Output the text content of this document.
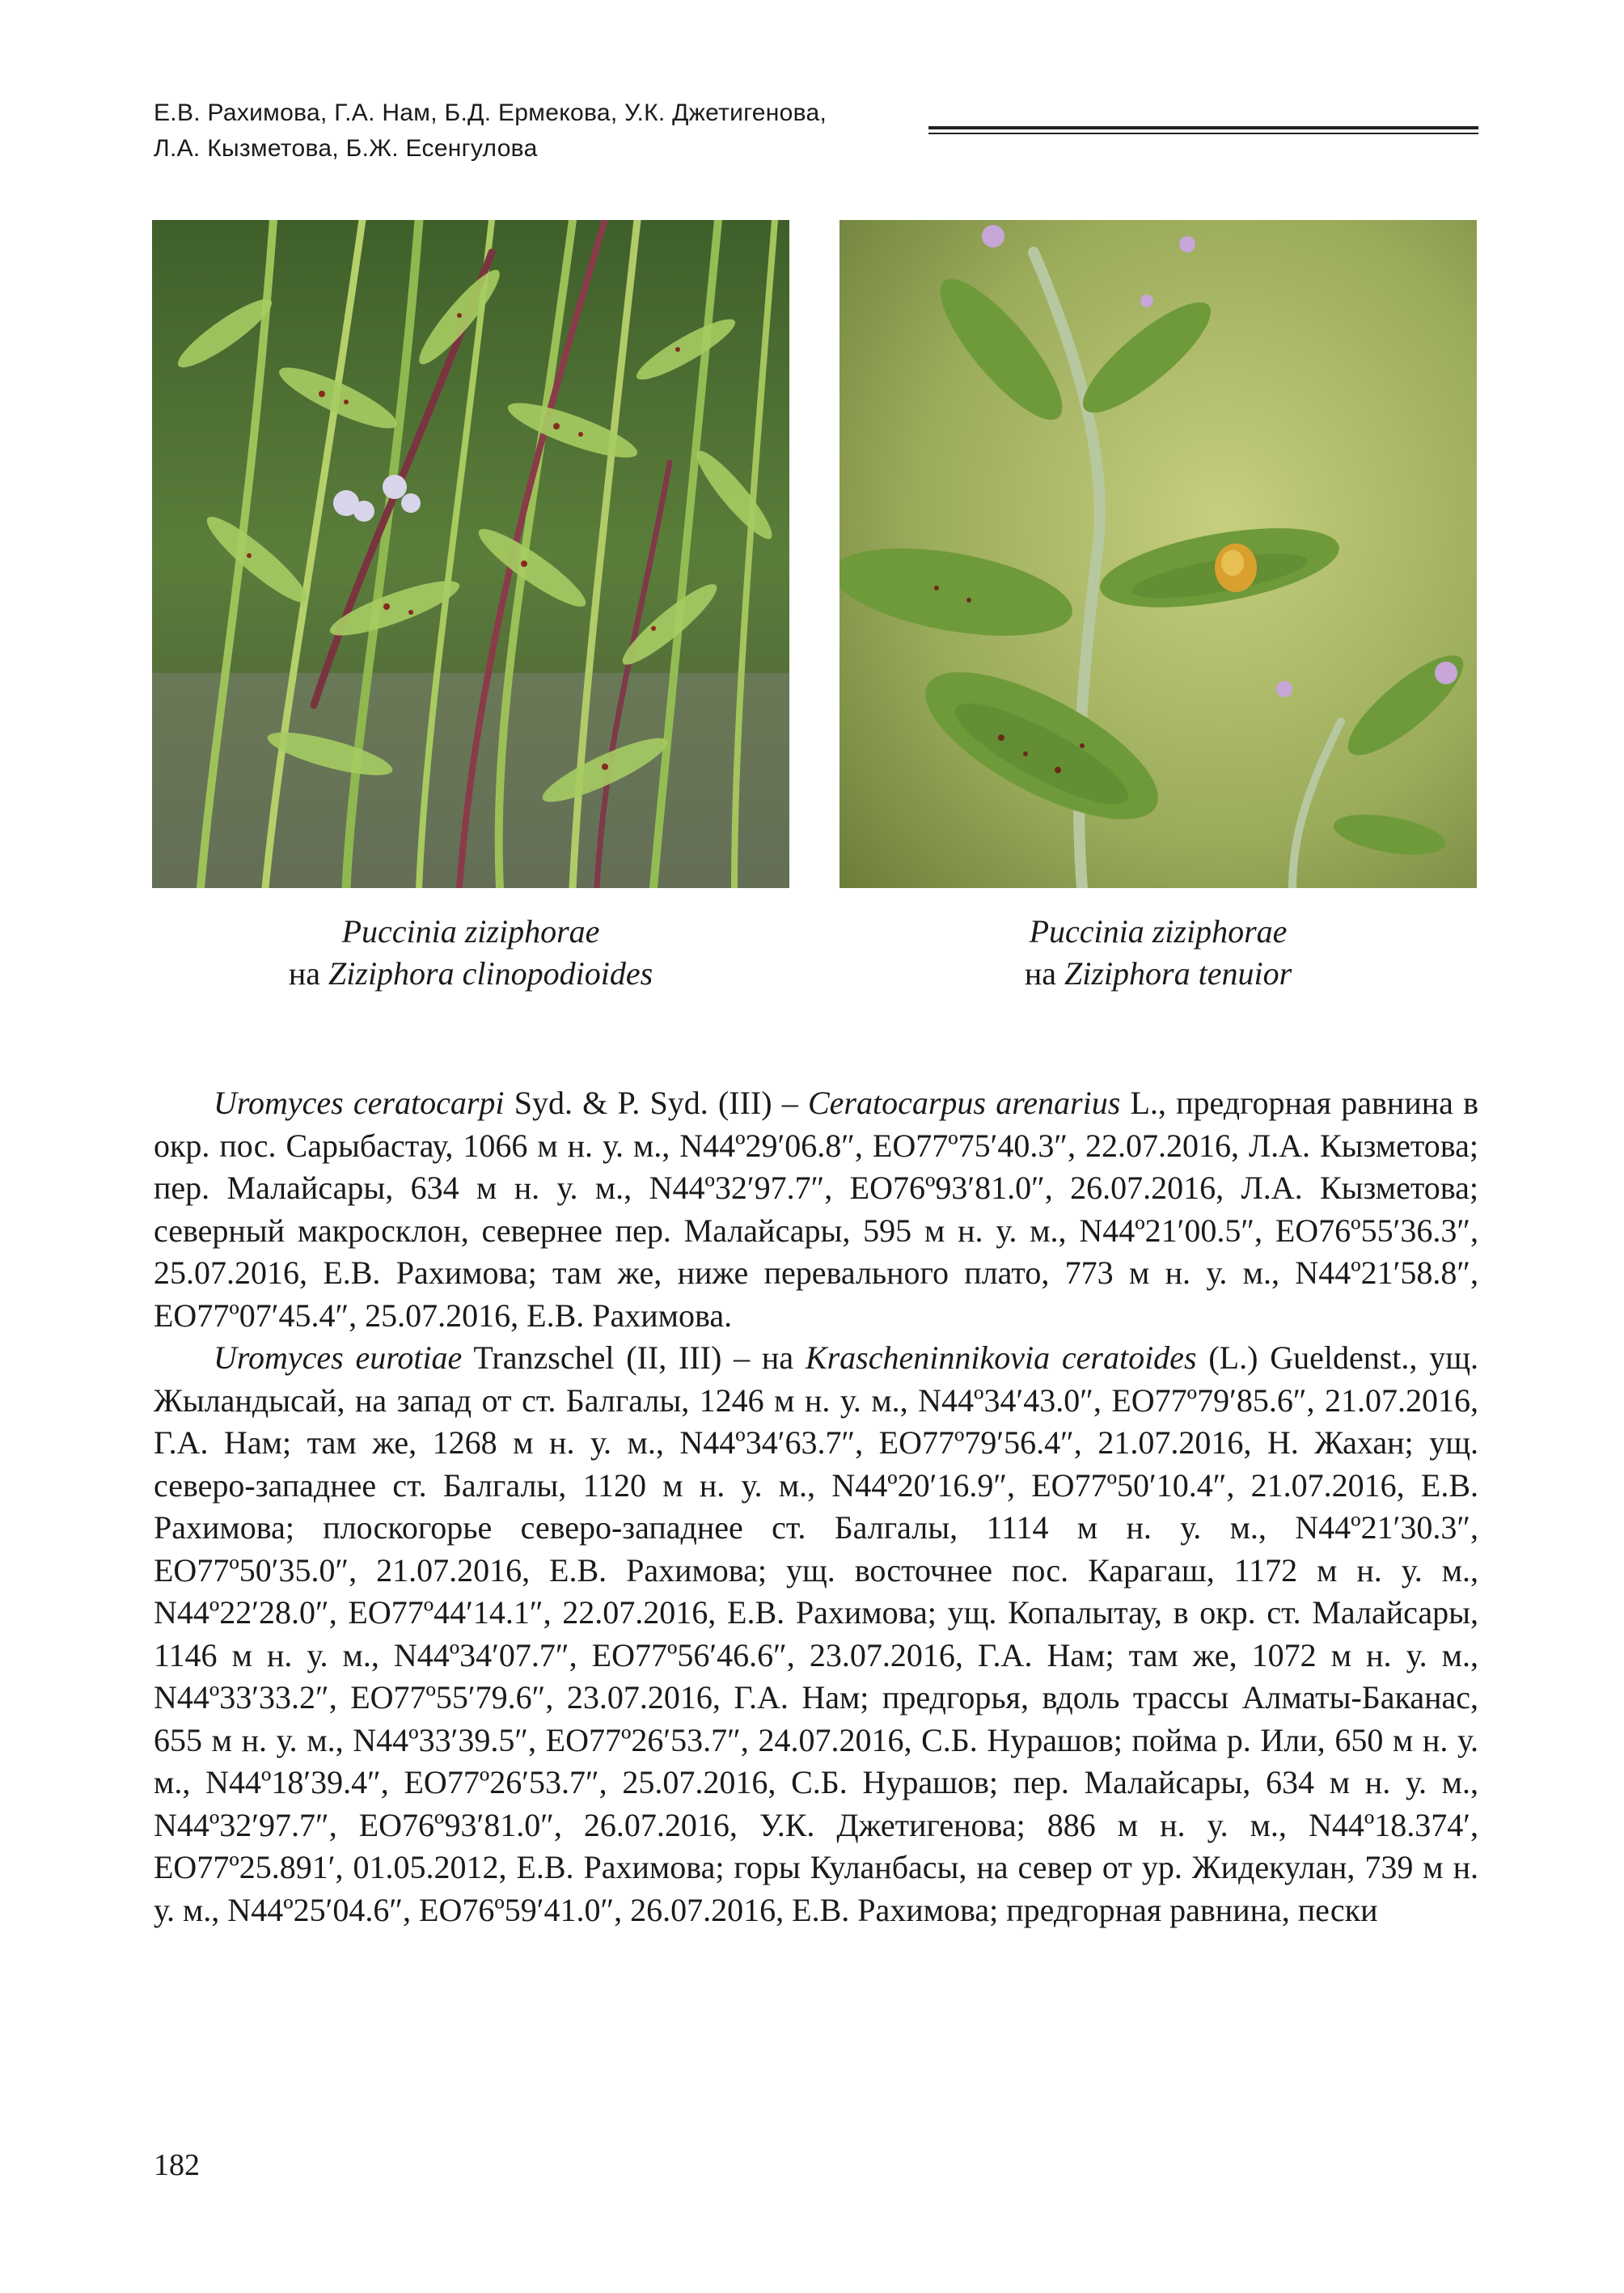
Е.В. Рахимова, Г.А. Нам, Б.Д. Ермекова, У.К. Джетигенова,
Л.А. Кызметова, Б.Ж. Есенгулова
Puccinia ziziphorae
на Ziziphora clinopodioides
Puccinia ziziphorae
на Ziziphora tenuior

Uromyces ceratocarpi Syd. & P. Syd. (III) – Ceratocarpus arenarius L., предгорная равнина в окр. пос. Сарыбастау, 1066 м н. у. м., N44º29′06.8″, ЕО77º75′40.3″, 22.07.2016, Л.А. Кызметова; пер. Малайсары, 634 м н. у. м., N44º32′97.7″, ЕО76º93′81.0″, 26.07.2016, Л.А. Кызметова; северный макросклон, севернее пер. Малайсары, 595 м н. у. м., N44º21′00.5″, ЕО76º55′36.3″, 25.07.2016, Е.В. Рахимова; там же, ниже перевального плато, 773 м н. у. м., N44º21′58.8″, ЕО77º07′45.4″, 25.07.2016, Е.В. Рахимова.

Uromyces eurotiae Tranzschel (II, III) – на Krascheninnikovia ceratoides (L.) Gueldenst., ущ. Жыландысай, на запад от ст. Балгалы, 1246 м н. у. м., N44º34′43.0″, ЕО77º79′85.6″, 21.07.2016, Г.А. Нам; там же, 1268 м н. у. м., N44º34′63.7″, ЕО77º79′56.4″, 21.07.2016, Н. Жахан; ущ. северо-западнее ст. Балгалы, 1120 м н. у. м., N44º20′16.9″, ЕО77º50′10.4″, 21.07.2016, Е.В. Рахимова; плоскогорье северо-западнее ст. Балгалы, 1114 м н. у. м., N44º21′30.3″, ЕО77º50′35.0″, 21.07.2016, Е.В. Рахимова; ущ. восточнее пос. Карагаш, 1172 м н. у. м., N44º22′28.0″, ЕО77º44′14.1″, 22.07.2016, Е.В. Рахимова; ущ. Копалытау, в окр. ст. Малайсары, 1146 м н. у. м., N44º34′07.7″, ЕО77º56′46.6″, 23.07.2016, Г.А. Нам; там же, 1072 м н. у. м., N44º33′33.2″, ЕО77º55′79.6″, 23.07.2016, Г.А. Нам; предгорья, вдоль трассы Алматы-Баканас, 655 м н. у. м., N44º33′39.5″, ЕО77º26′53.7″, 24.07.2016, С.Б. Нурашов; пойма р. Или, 650 м н. у. м., N44º18′39.4″, ЕО77º26′53.7″, 25.07.2016, С.Б. Нурашов; пер. Малайсары, 634 м н. у. м., N44º32′97.7″, ЕО76º93′81.0″, 26.07.2016, У.К. Джетигенова; 886 м н. у. м., N44º18.374′, ЕО77º25.891′, 01.05.2012, Е.В. Рахимова; горы Куланбасы, на север от ур. Жидекулан, 739 м н. у. м., N44º25′04.6″, ЕО76º59′41.0″, 26.07.2016, Е.В. Рахимова; предгорная равнина, пески

182
